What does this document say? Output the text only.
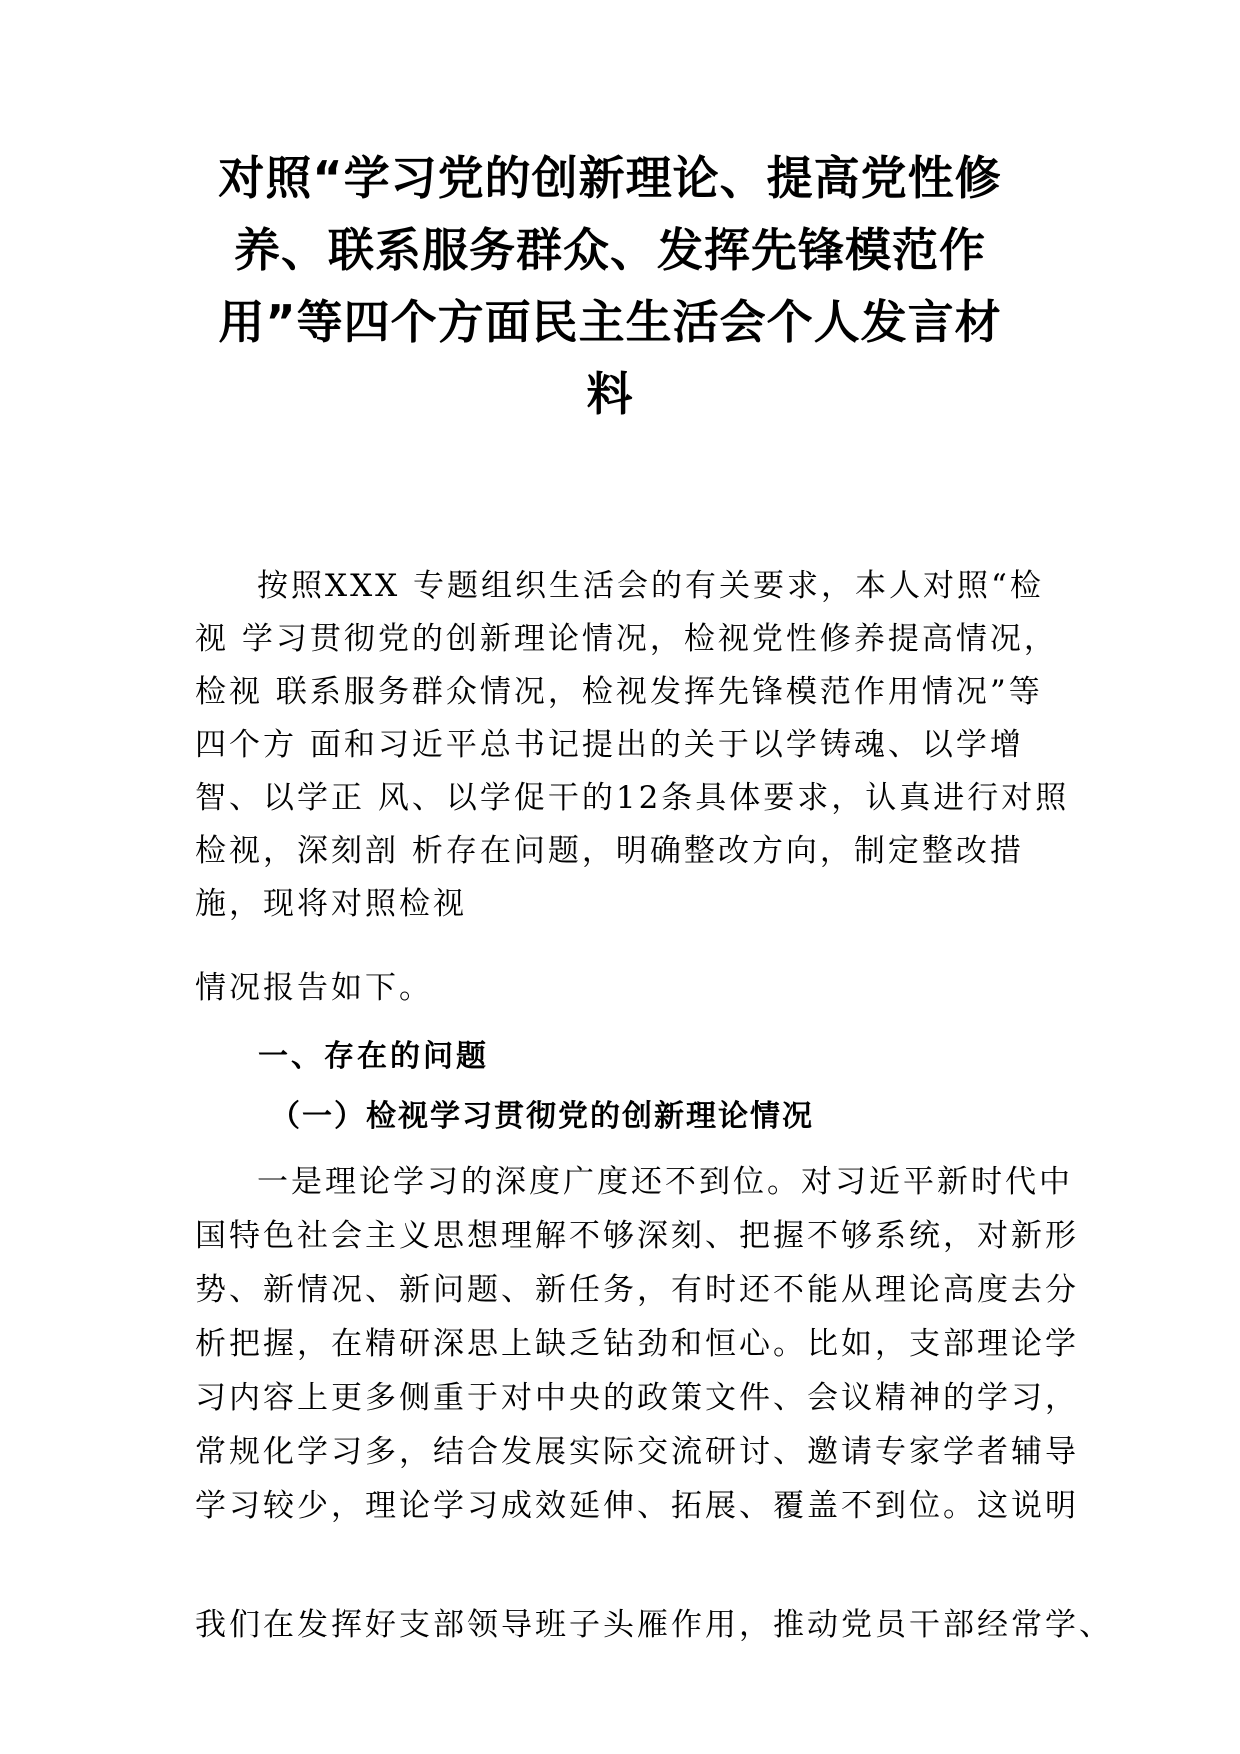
对照“学习党的创新理论、提高党性修
养、联系服务群众、发挥先锋模范作
用”等四个方面民主生活会个人发言材
料
按照XXX 专题组织生活会的有关要求，本人对照“检
视 学习贯彻党的创新理论情况，检视党性修养提高情况，
检视 联系服务群众情况，检视发挥先锋模范作用情况”等
四个方 面和习近平总书记提出的关于以学铸魂、以学增
智、以学正 风、以学促干的12条具体要求，认真进行对照
检视，深刻剖 析存在问题，明确整改方向，制定整改措
施，现将对照检视
情况报告如下。
一、存在的问题
（一）检视学习贯彻党的创新理论情况
一是理论学习的深度广度还不到位。对习近平新时代中
国特色社会主义思想理解不够深刻、把握不够系统，对新形
势、新情况、新问题、新任务，有时还不能从理论高度去分
析把握，在精研深思上缺乏钻劲和恒心。比如，支部理论学
习内容上更多侧重于对中央的政策文件、会议精神的学习，
常规化学习多，结合发展实际交流研讨、邀请专家学者辅导
学习较少，理论学习成效延伸、拓展、覆盖不到位。这说明
我们在发挥好支部领导班子头雁作用，推动党员干部经常学、
